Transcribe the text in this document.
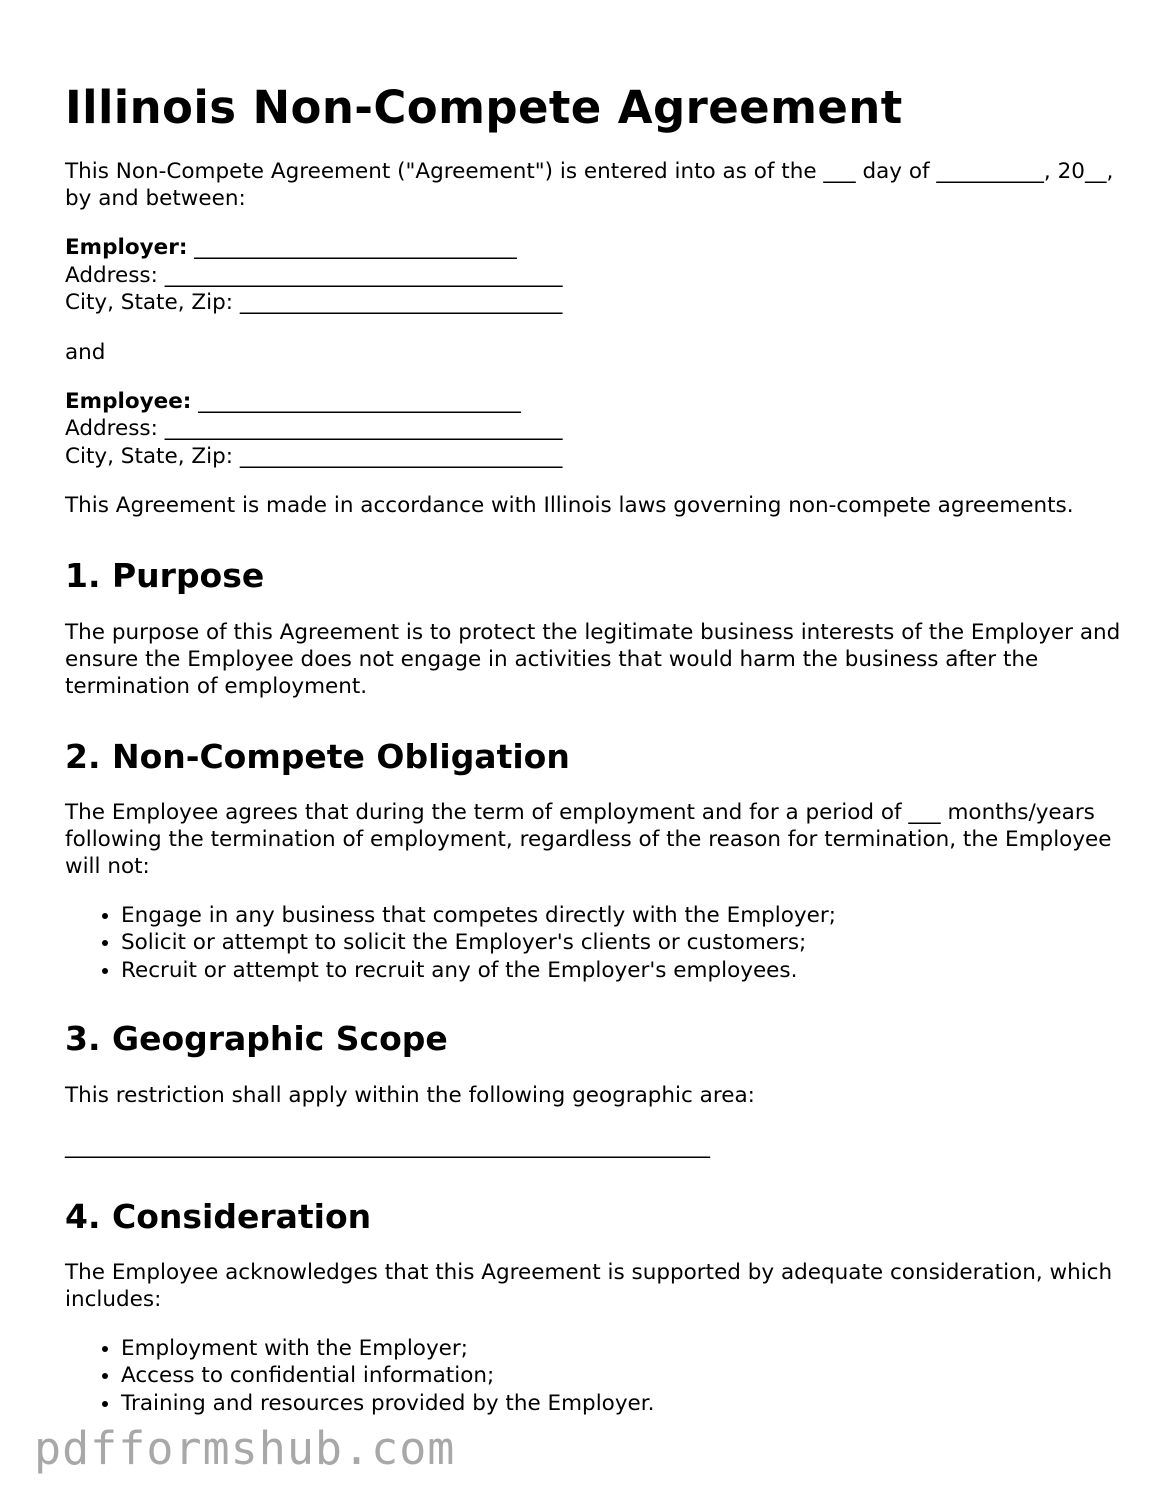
Illinois Non-Compete Agreement

This Non-Compete Agreement ("Agreement") is entered into as of the ___ day of __________, 20__, by and between:

Employer: ______________________________
Address: _____________________________________
City, State, Zip: ______________________________

and

Employee: ______________________________
Address: _____________________________________
City, State, Zip: ______________________________

This Agreement is made in accordance with Illinois laws governing non-compete agreements.

1. Purpose

The purpose of this Agreement is to protect the legitimate business interests of the Employer and ensure the Employee does not engage in activities that would harm the business after the termination of employment.

2. Non-Compete Obligation

The Employee agrees that during the term of employment and for a period of ___ months/years following the termination of employment, regardless of the reason for termination, the Employee will not:

• Engage in any business that competes directly with the Employer;
• Solicit or attempt to solicit the Employer's clients or customers;
• Recruit or attempt to recruit any of the Employer's employees.
3. Geographic Scope

This restriction shall apply within the following geographic area:

____________________________________________________________
4. Consideration

The Employee acknowledges that this Agreement is supported by adequate consideration, which includes:

• Employment with the Employer;
• Access to confidential information;
• Training and resources provided by the Employer.
pdfformshub.com
